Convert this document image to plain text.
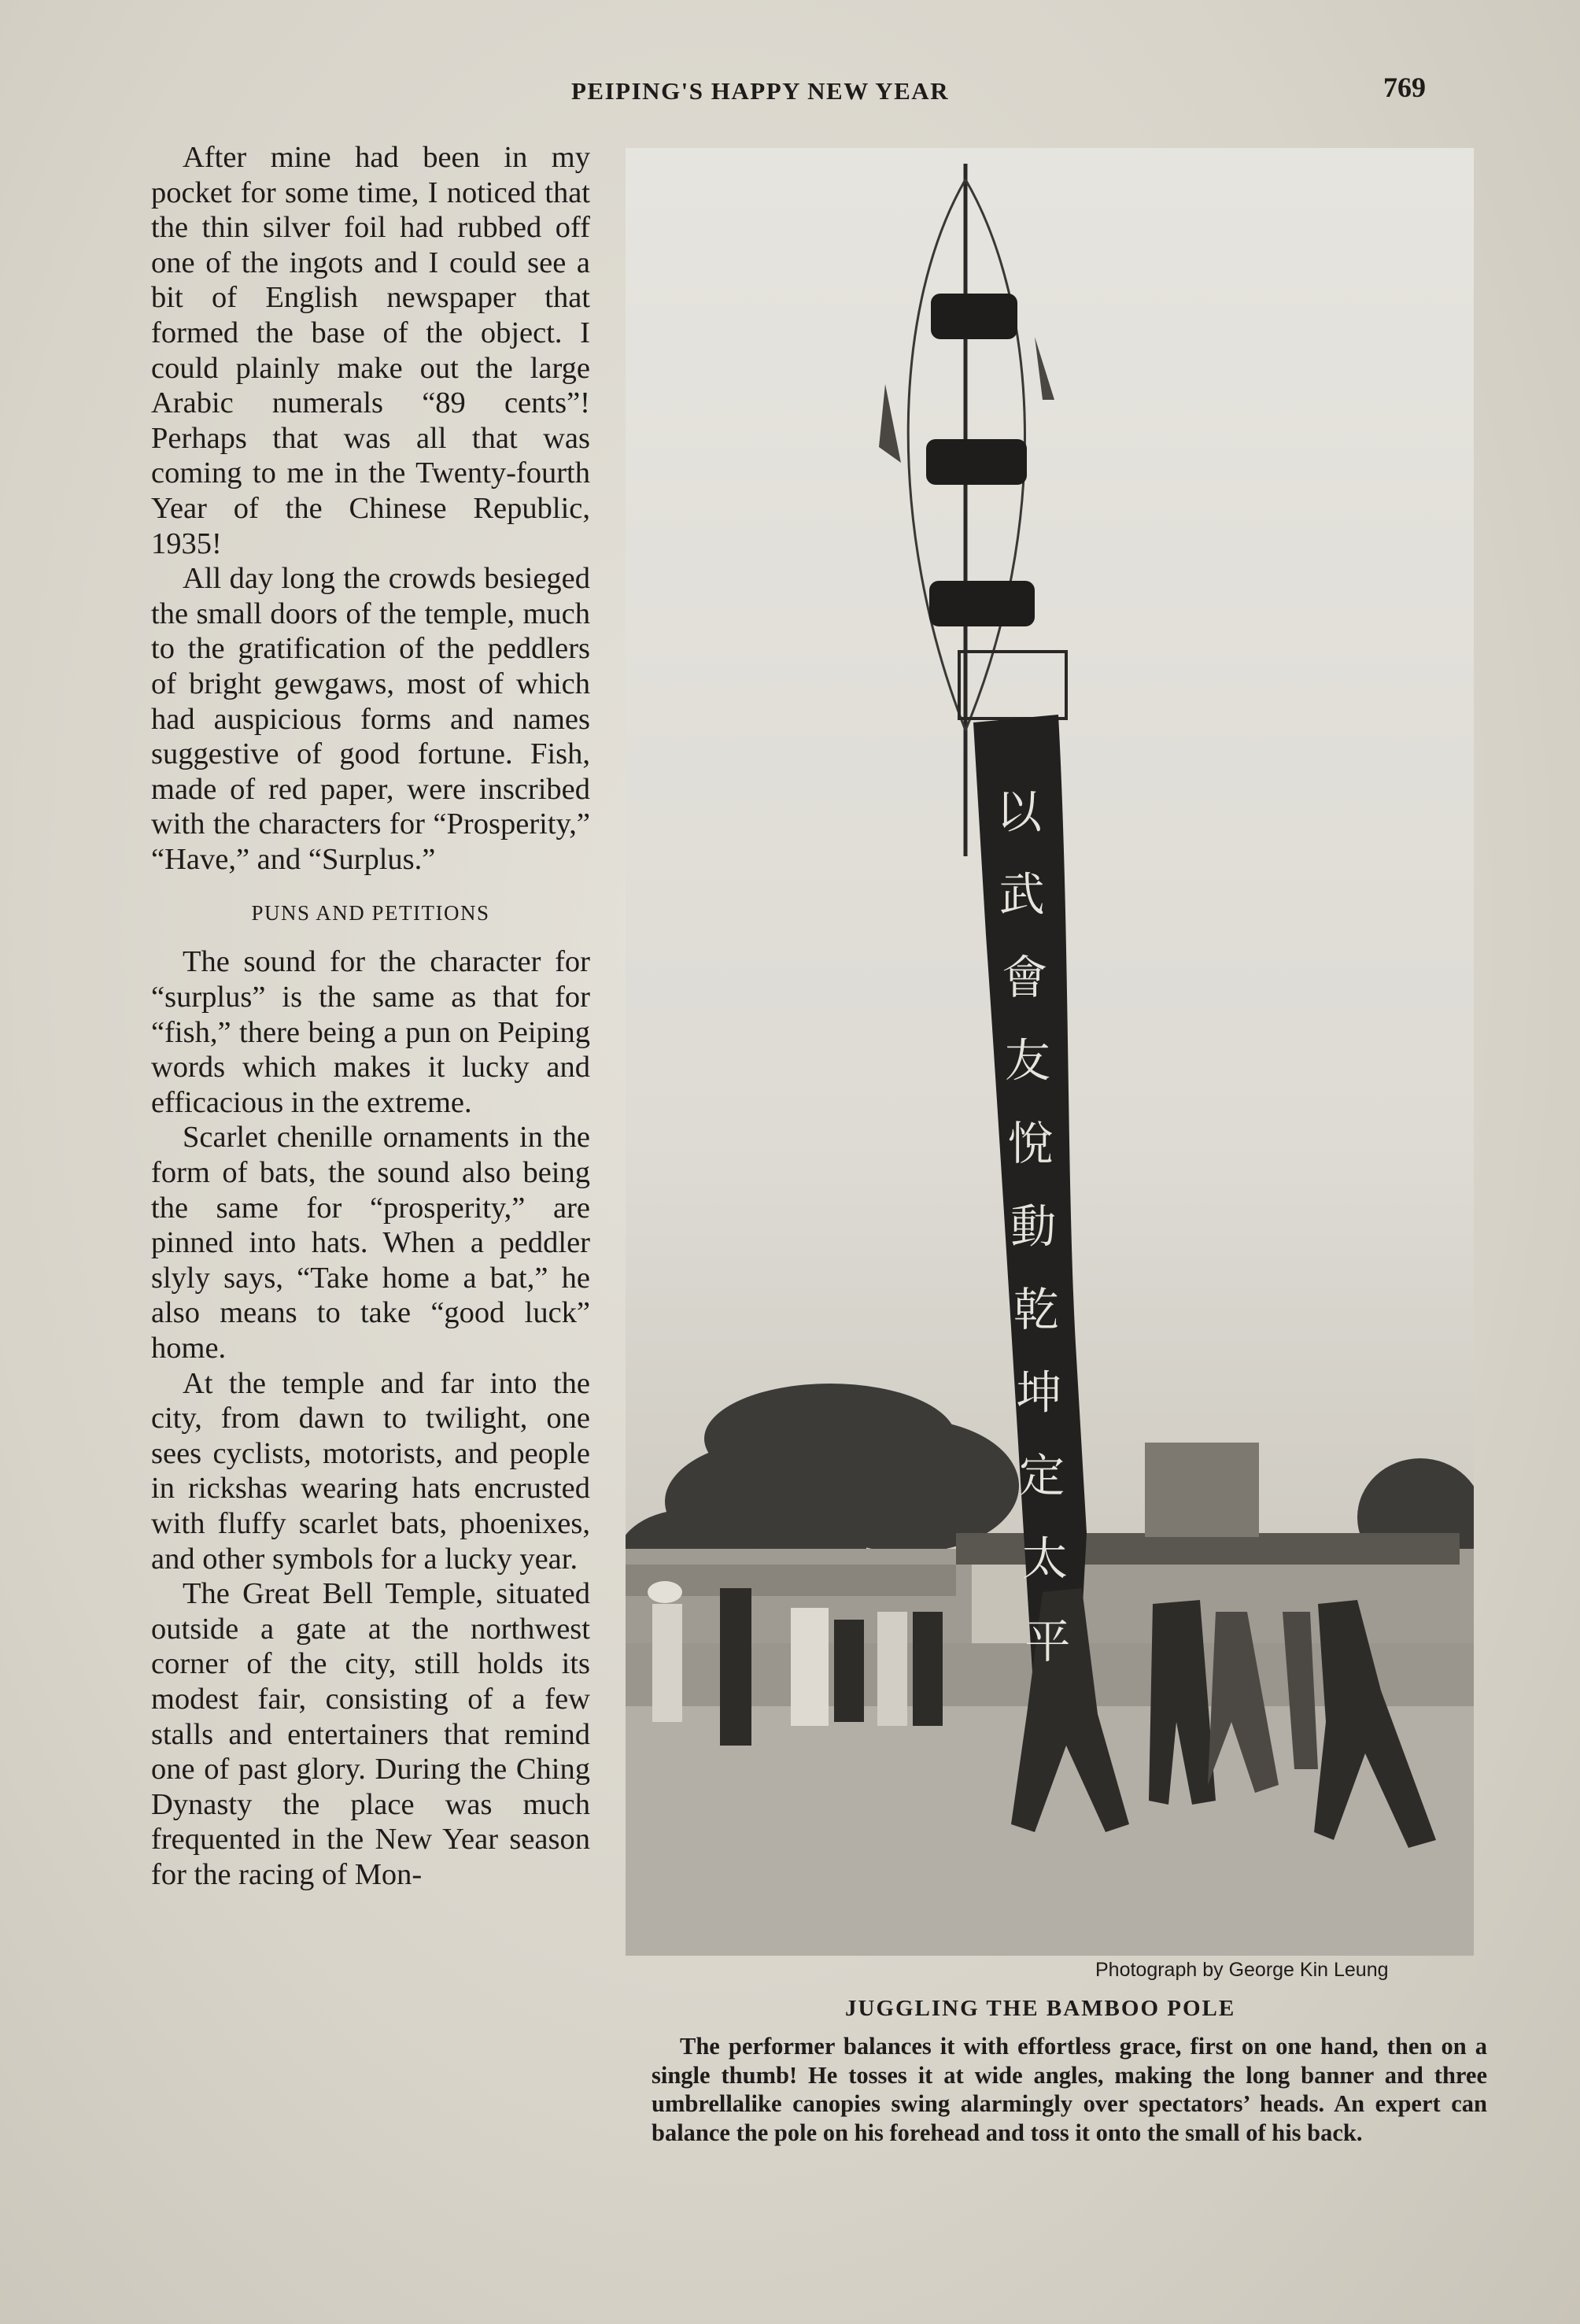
PEIPING'S HAPPY NEW YEAR	769

After mine had been in my pocket for some time, I noticed that the thin silver foil had rubbed off one of the ingots and I could see a bit of English newspaper that formed the base of the object. I could plainly make out the large Arabic numerals “89 cents”! Perhaps that was all that was coming to me in the Twenty-fourth Year of the Chinese Republic, 1935!

All day long the crowds besieged the small doors of the temple, much to the gratification of the peddlers of bright gewgaws, most of which had auspicious forms and names suggestive of good fortune. Fish, made of red paper, were inscribed with the characters for “Prosperity,” “Have,” and “Surplus.”

PUNS AND PETITIONS

The sound for the character for “surplus” is the same as that for “fish,” there being a pun on Peiping words which makes it lucky and efficacious in the extreme.

Scarlet chenille ornaments in the form of bats, the sound also being the same for “prosperity,” are pinned into hats. When a peddler slyly says, “Take home a bat,” he also means to take “good luck” home.

At the temple and far into the city, from dawn to twilight, one sees cyclists, motorists, and people in rickshas wearing hats encrusted with fluffy scarlet bats, phoenixes, and other symbols for a lucky year.

The Great Bell Temple, situated outside a gate at the northwest corner of the city, still holds its modest fair, consisting of a few stalls and entertainers that remind one of past glory. During the Ching Dynasty the place was much frequented in the New Year season for the racing of Mon-

以
武
會
友
悅
動
乾
坤
定
太
平
Photograph by George Kin Leung
JUGGLING THE BAMBOO POLE

The performer balances it with effortless grace, first on one hand, then on a single thumb! He tosses it at wide angles, making the long banner and three umbrellalike canopies swing alarmingly over spectators’ heads. An expert can balance the pole on his forehead and toss it onto the small of his back.
